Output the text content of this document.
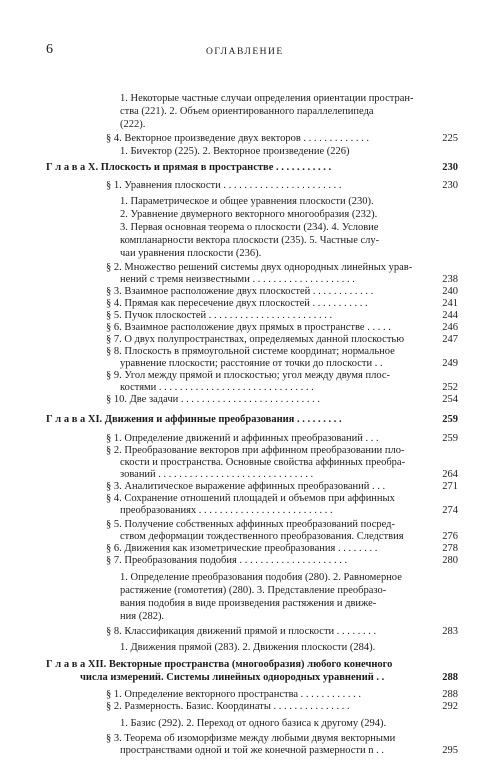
6	ОГЛАВЛЕНИЕ
1. Некоторые частные случаи определения ориентации простран-
ства (221). 2. Объем ориентированного параллелепипеда
(222).
§ 4. Векторное произведение двух векторов . . . . . . . . . . . . .	225
1. Биvектор (225). 2. Векторное произведение (226)
Г л а в а X. Плоскость и прямая в пространстве . . . . . . . . . . .	230
§ 1. Уравнения плоскости . . . . . . . . . . . . . . . . . . . . . . .	230
1. Параметрическое и общее уравнения плоскости (230).
2. Уравнение двумерного векторного многообразия (232).
3. Первая основная теорема о плоскости (234). 4. Условие
компланарности вектора плоскости (235). 5. Частные слу-
чаи уравнения плоскости (236).
§ 2. Множество решений системы двух однородных линейных урав-
нений с тремя неизвестными . . . . . . . . . . . . . . . . . . . .	238
§ 3. Взаимное расположение двух плоскостей . . . . . . . . . . . .	240
§ 4. Прямая как пересечение двух плоскостей . . . . . . . . . . .	241
§ 5. Пучок плоскостей . . . . . . . . . . . . . . . . . . . . . . . .	244
§ 6. Взаимное расположение двух прямых в пространстве . . . . .	246
§ 7. О двух полупространствах, определяемых данной плоскостью	247
§ 8. Плоскость в прямоугольной системе координат; нормальное
уравнение плоскости; расстояние от точки до плоскости . .	249
§ 9. Угол между прямой и плоскостью; угол между двумя плос-
костями . . . . . . . . . . . . . . . . . . . . . . . . . . . . . .	252
§ 10. Две задачи . . . . . . . . . . . . . . . . . . . . . . . . . . .	254
Г л а в а XI. Движения и аффинные преобразования . . . . . . . . .	259
§ 1. Определение движений и аффинных преобразований . . .	259
§ 2. Преобразование векторов при аффинном преобразовании пло-
скости и пространства. Основные свойства аффинных преобра-
зований . . . . . . . . . . . . . . . . . . . . . . . . . . . . . .	264
§ 3. Аналитическое выражение аффинных преобразований . . .	271
§ 4. Сохранение отношений площадей и объемов при аффинных
преобразованиях . . . . . . . . . . . . . . . . . . . . . . . . . .	274
§ 5. Получение собственных аффинных преобразований посред-
ством деформации тождественного преобразования. Следствия	276
§ 6. Движения как изометрические преобразования . . . . . . . .	278
§ 7. Преобразования подобия . . . . . . . . . . . . . . . . . . . . .	280
1. Определение преобразования подобия (280). 2. Равномерное
растяжение (гомотетия) (280). 3. Представление преобразо-
вания подобия в виде произведения растяжения и движе-
ния (282).
§ 8. Классификация движений прямой и плоскости . . . . . . . .	283
1. Движения прямой (283). 2. Движения плоскости (284).
Г л а в а XII. Векторные пространства (многообразия) любого конечного
числа измерений. Системы линейных однородных уравнений . .	288
§ 1. Определение векторного пространства . . . . . . . . . . . .	288
§ 2. Размерность. Базис. Координаты . . . . . . . . . . . . . . .	292
1. Базис (292). 2. Переход от одного базиса к другому (294).
§ 3. Теорема об изоморфизме между любыми двумя векторными
пространствами одной и той же конечной размерности n . .	295
